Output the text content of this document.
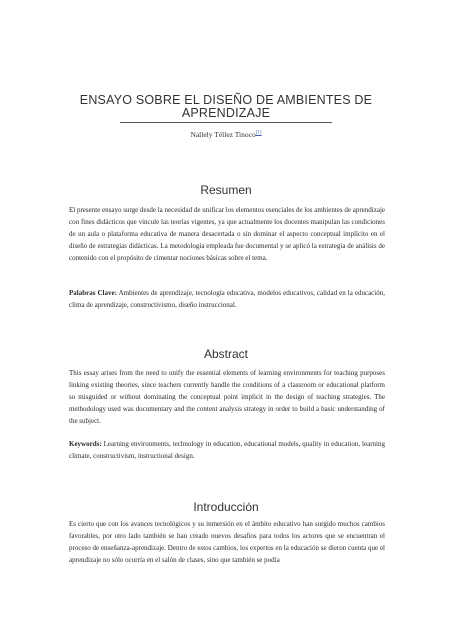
ENSAYO SOBRE EL DISEÑO DE AMBIENTES DE
APRENDIZAJE
Nallely Téllez Tinoco[1]
Resumen

El presente ensayo surge desde la necesidad de unificar los elementos esenciales de los ambientes de aprendizaje con fines didácticos que vincule las teorías vigentes, ya que actualmente los docentes manipulan las condiciones de un aula o plataforma educativa de manera desacertada o sin dominar el aspecto conceptual implícito en el diseño de estrategias didácticas. La metodología empleada fue documental y se aplicó la estrategia de análisis de contenido con el propósito de cimentar nociones básicas sobre el tema.

Palabras Clave: Ambientes de aprendizaje, tecnología educativa, modelos educativos, calidad en la educación, clima de aprendizaje, constructivismo, diseño instruccional.

Abstract

This essay arises from the need to unify the essential elements of learning environments for teaching purposes linking existing theories, since teachers currently handle the conditions of a classroom or educational platform so misguided or without dominating the conceptual point implicit in the design of teaching strategies. The methodology used was documentary and the content analysis strategy in order to build a basic understanding of the subject.

Keywords: Learning environments, technology in education, educational models, quality in education, learning climate, constructivism, instructional design.

Introducción

Es cierto que con los avances tecnológicos y su inmersión en el ámbito educativo han surgido muchos cambios favorables, por otro lado también se han creado nuevos desafíos para todos los actores que se encuentran el proceso de enseñanza-aprendizaje. Dentro de estos cambios, los expertos en la educación se dieron cuenta que el aprendizaje no sólo ocurría en el salón de clases, sino que también se podía
